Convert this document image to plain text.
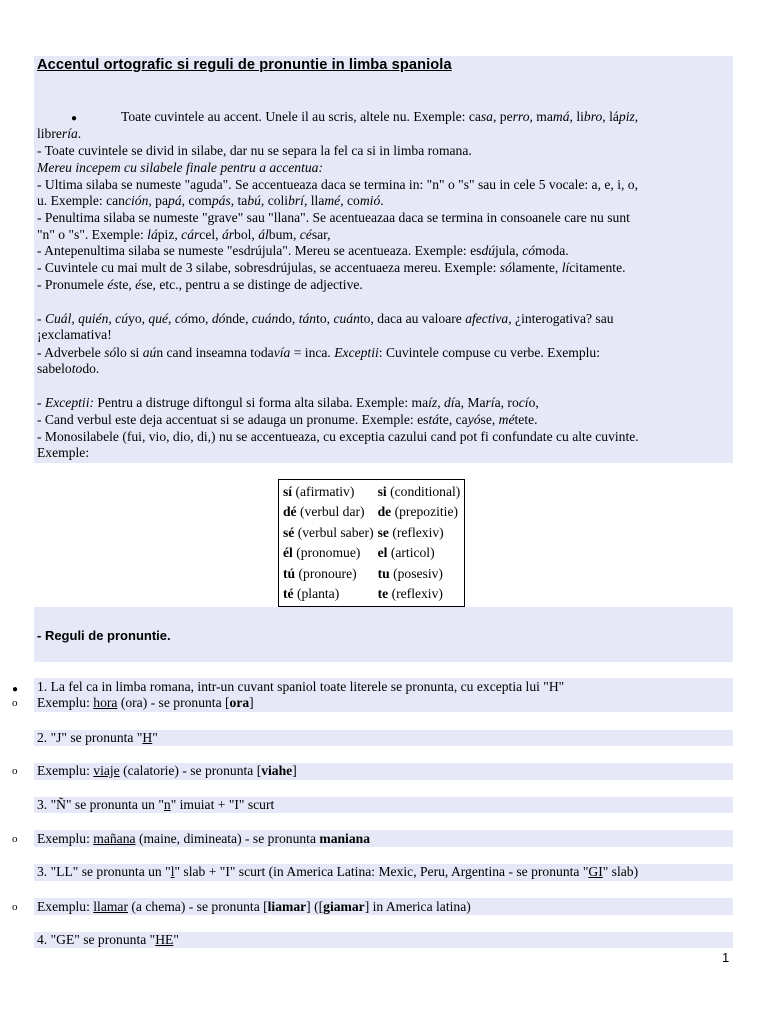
Accentul ortografic si reguli de pronuntie in limba spaniola
●	Toate cuvintele au accent. Unele il au scris, altele nu. Exemple: casa, perro, mamá, libro, lápiz,
librería.
- Toate cuvintele se divid in silabe, dar nu se separa la fel ca si in limba romana.
Mereu incepem cu silabele finale pentru a accentua:
- Ultima silaba se numeste "aguda". Se accentueaza daca se termina in: "n" o "s" sau in cele 5 vocale: a, e, i, o,
u. Exemple: canción, papá, compás, tabú, colibrí, llamé, comió.
- Penultima silaba se numeste "grave" sau "llana". Se acentueazaa daca se termina in consoanele care nu sunt
"n" o "s". Exemple: lápiz, cárcel, árbol, álbum, césar,
- Antepenultima silaba se numeste "esdrújula". Mereu se acentueaza. Exemple: esdújula, cómoda.
- Cuvintele cu mai mult de 3 silabe, sobresdrújulas, se accentuaeza mereu. Exemple: sólamente, lícitamente.
- Pronumele éste, ése, etc., pentru a se distinge de adjective.
- Cuál, quién, cúyo, qué, cómo, dónde, cuándo, tánto, cuánto, daca au valoare afectiva, ¿interogativa? sau
¡exclamativa!
- Adverbele sólo si aún cand inseamna todavía = inca. Exceptii: Cuvintele compuse cu verbe. Exemplu:
sabelotodo.
- Exceptii: Pentru a distruge diftongul si forma alta silaba. Exemple: maíz, día, María, rocío,
- Cand verbul este deja accentuat si se adauga un pronume. Exemple: estáte, cayóse, métete.
- Monosilabele (fui, vio, dio, di,) nu se accentueaza, cu exceptia cazului cand pot fi confundate cu alte cuvinte.
Exemple:
sí (afirmativ)	si (conditional)
dé (verbul dar)	de (prepozitie)
sé (verbul saber)	se (reflexiv)
él (pronomue)	el (articol)
tú (pronoure)	tu (posesiv)
té (planta)	te (reflexiv)
- Reguli de pronuntie.
● 1. La fel ca in limba romana, intr-un cuvant spaniol toate literele se pronunta, cu exceptia lui "H"
o Exemplu: hora (ora) - se pronunta [ora]
2. "J" se pronunta "H"
o Exemplu: viaje (calatorie) - se pronunta [viahe]
3. "Ñ" se pronunta un "n" imuiat + "I" scurt
o Exemplu: mañana (maine, dimineata) - se pronunta maniana
3. "LL" se pronunta un "l" slab + "I" scurt (in America Latina: Mexic, Peru, Argentina - se pronunta "GI" slab)
o Exemplu: llamar (a chema) - se pronunta [liamar] ([giamar] in America latina)
4. "GE" se pronunta "HE"
1
